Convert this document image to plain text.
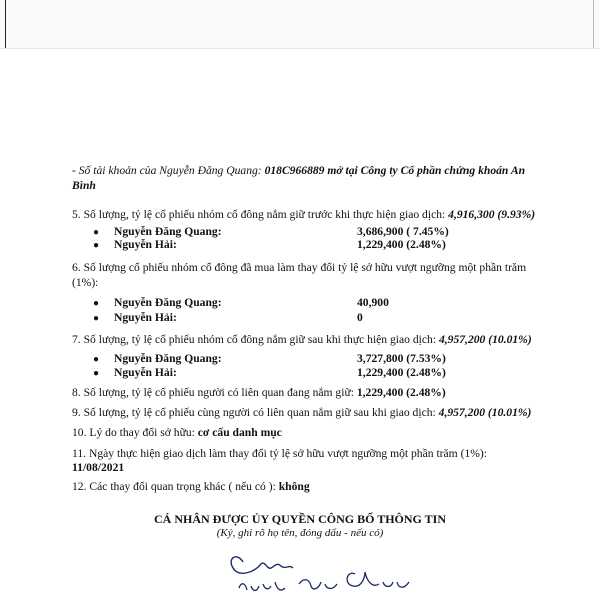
- Số tài khoản của Nguyễn Đăng Quang: 018C966889 mở tại Công ty Cổ phần chứng khoán An
Bình
5. Số lượng, tỷ lệ cổ phiếu nhóm cổ đông nắm giữ trước khi thực hiện giao dịch: 4,916,300 (9.93%)
● Nguyễn Đăng Quang:	3,686,900 ( 7.45%)
● Nguyễn Hải:	1,229,400 (2.48%)
6. Số lượng cổ phiếu nhóm cổ đông đã mua làm thay đổi tỷ lệ sở hữu vượt ngưỡng một phần trăm
(1%):
● Nguyễn Đăng Quang:	40,900
● Nguyễn Hải:	0
7. Số lượng, tỷ lệ cổ phiếu nhóm cổ đông nắm giữ sau khi thực hiện giao dịch: 4,957,200 (10.01%)
● Nguyễn Đăng Quang:	3,727,800 (7.53%)
● Nguyễn Hải:	1,229,400 (2.48%)
8. Số lượng, tỷ lệ cổ phiếu người có liên quan đang nắm giữ: 1,229,400 (2.48%)
9. Số lượng, tỷ lệ cổ phiếu cùng người có liên quan nắm giữ sau khi giao dịch: 4,957,200 (10.01%)
10. Lý do thay đổi sở hữu: cơ cấu danh mục
11. Ngày thực hiện giao dịch làm thay đổi tỷ lệ sở hữu vượt ngưỡng một phần trăm (1%):
11/08/2021
12. Các thay đổi quan trọng khác ( nếu có ): không
CÁ NHÂN ĐƯỢC ỦY QUYỀN CÔNG BỐ THÔNG TIN
(Ký, ghi rõ họ tên, đóng dấu - nếu có)
Nguyễn Đăng Quang
